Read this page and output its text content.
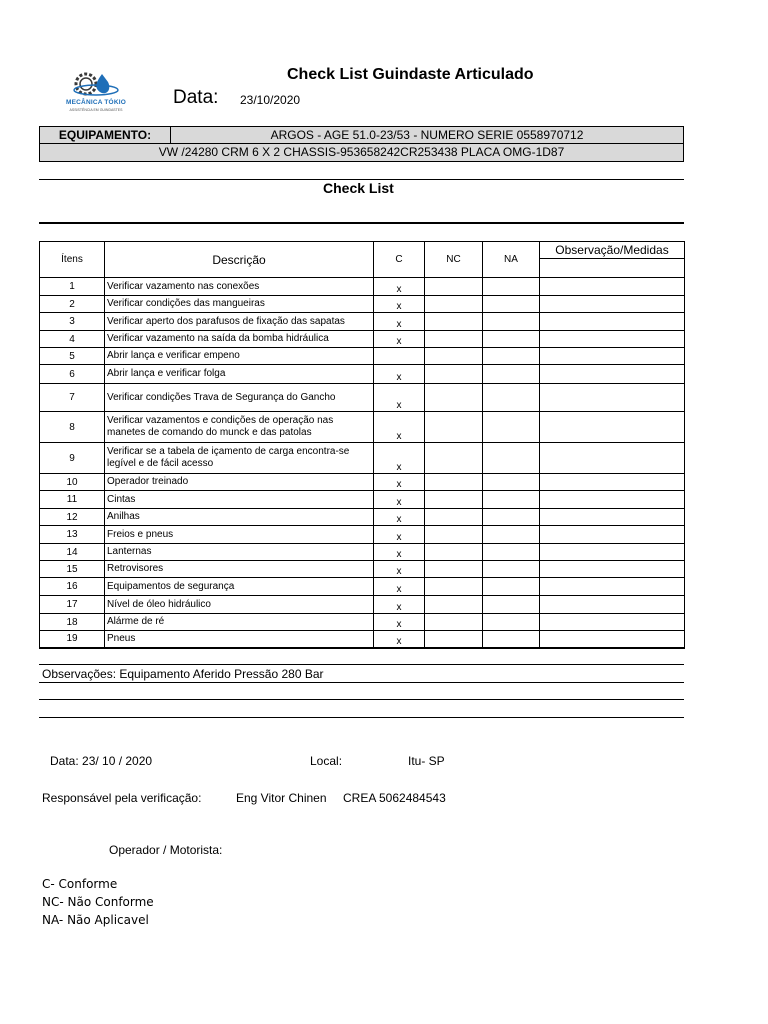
MECÂNICA TÓKIO
ASSISTÊNCIA EM GUINDASTES
Check List Guindaste Articulado
Data: 23/10/2020
EQUIPAMENTO:	ARGOS - AGE 51.0-23/53 - NUMERO SERIE 0558970712
VW /24280 CRM 6 X 2 CHASSIS-953658242CR253438 PLACA OMG-1D87
Check List
Ítens	Descrição	C	NC	NA	Observação/Medidas

1	Verificar vazamento nas conexões	x			
2	Verificar condições das mangueiras	x			
3	Verificar aperto dos parafusos de fixação das sapatas	x			
4	Verificar vazamento na saída da bomba hidráulica	x			
5	Abrir lança e verificar empeno				
6	Abrir lança e verificar folga	x			
7	Verificar condições Trava de Segurança do Gancho	x			
8	Verificar vazamentos e condições de operação nas manetes de comando do munck e das patolas	x			
9	Verificar se a tabela de içamento de carga encontra-se legível e de fácil acesso	x			
10	Operador treinado	x			
11	Cintas	x			
12	Anilhas	x			
13	Freios e pneus	x			
14	Lanternas	x			
15	Retrovisores	x			
16	Equipamentos de segurança	x			
17	Nível de óleo hidráulico	x			
18	Alárme de ré	x			
19	Pneus	x			
Observações: Equipamento Aferido Pressão 280 Bar
Data: 23/ 10 / 2020	Local:	Itu- SP
Responsável pela verificação:	Eng Vitor Chinen CREA 5062484543
Operador / Motorista:
C- Conforme
NC- Não Conforme
NA- Não Aplicavel
